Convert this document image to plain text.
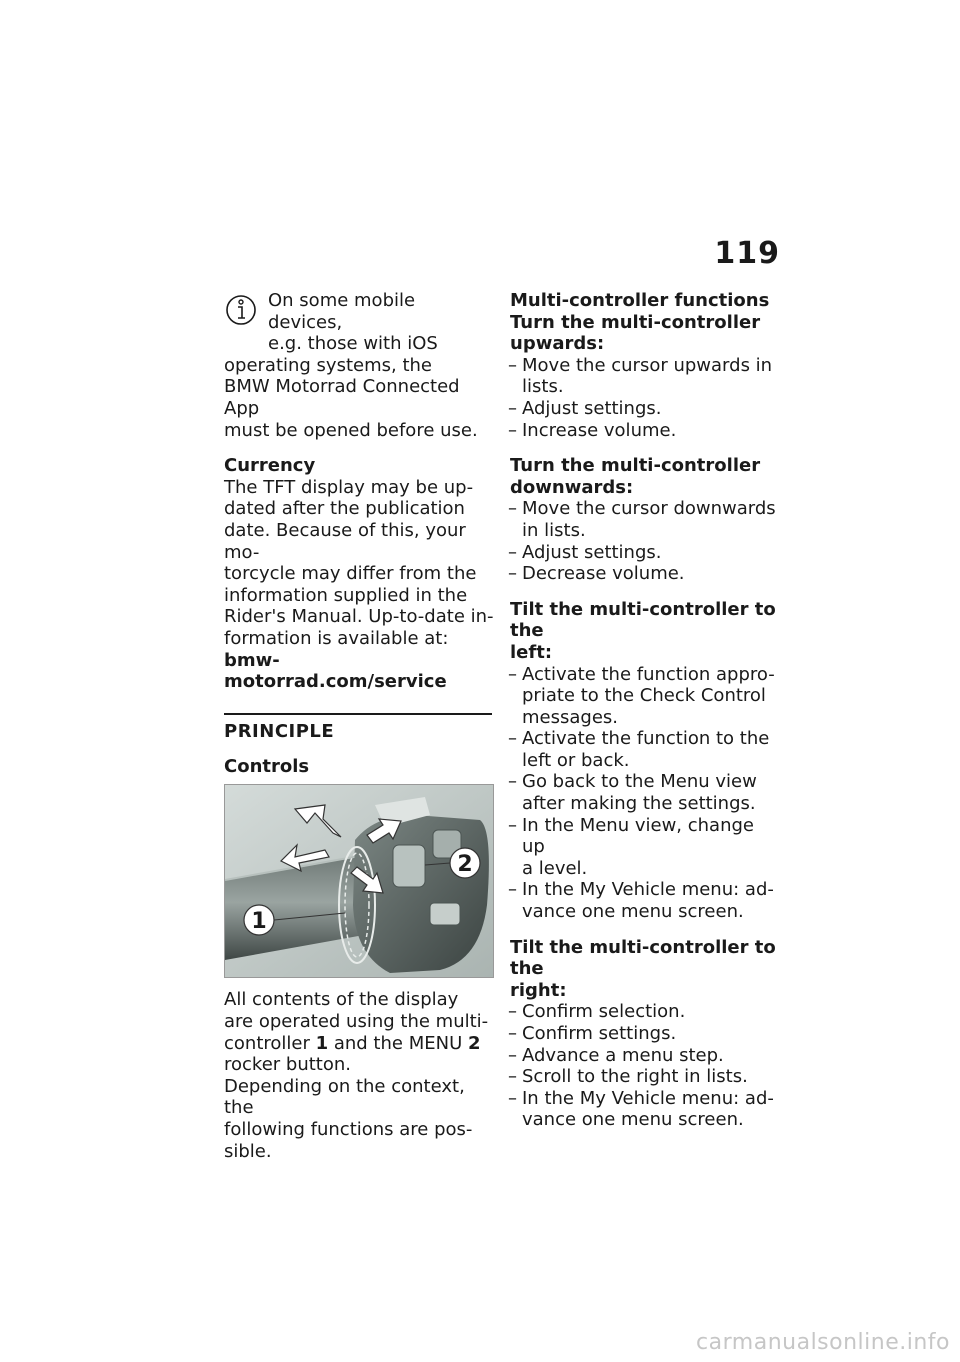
119
On some mobile devices,
e.g. those with iOS
operating systems, the
BMW Motorrad Connected App
must be opened before use.

Currency

The TFT display may be up-

dated after the publication

date. Because of this, your mo-

torcycle may differ from the

information supplied in the

Rider's Manual. Up-to-date in-

formation is available at:

bmw-motorrad.com/service

PRINCIPLE

Controls

1
2

All contents of the display

are operated using the multi-

controller 1 and the MENU 2

rocker button.

Depending on the context, the

following functions are pos-

sible.

Multi-controller functions

Turn the multi-controller

upwards:

– Move the cursor upwards in
lists.
– Adjust settings.
– Increase volume.

Turn the multi-controller

downwards:

– Move the cursor downwards
in lists.
– Adjust settings.
– Decrease volume.

Tilt the multi-controller to the

left:

– Activate the function appro-
priate to the Check Control
messages.
– Activate the function to the
left or back.
– Go back to the Menu view
after making the settings.
– In the Menu view, change up
a level.
– In the My Vehicle menu: ad-
vance one menu screen.

Tilt the multi-controller to the

right:

– Confirm selection.
– Confirm settings.
– Advance a menu step.
– Scroll to the right in lists.
– In the My Vehicle menu: ad-
vance one menu screen.
carmanualsonline.info
